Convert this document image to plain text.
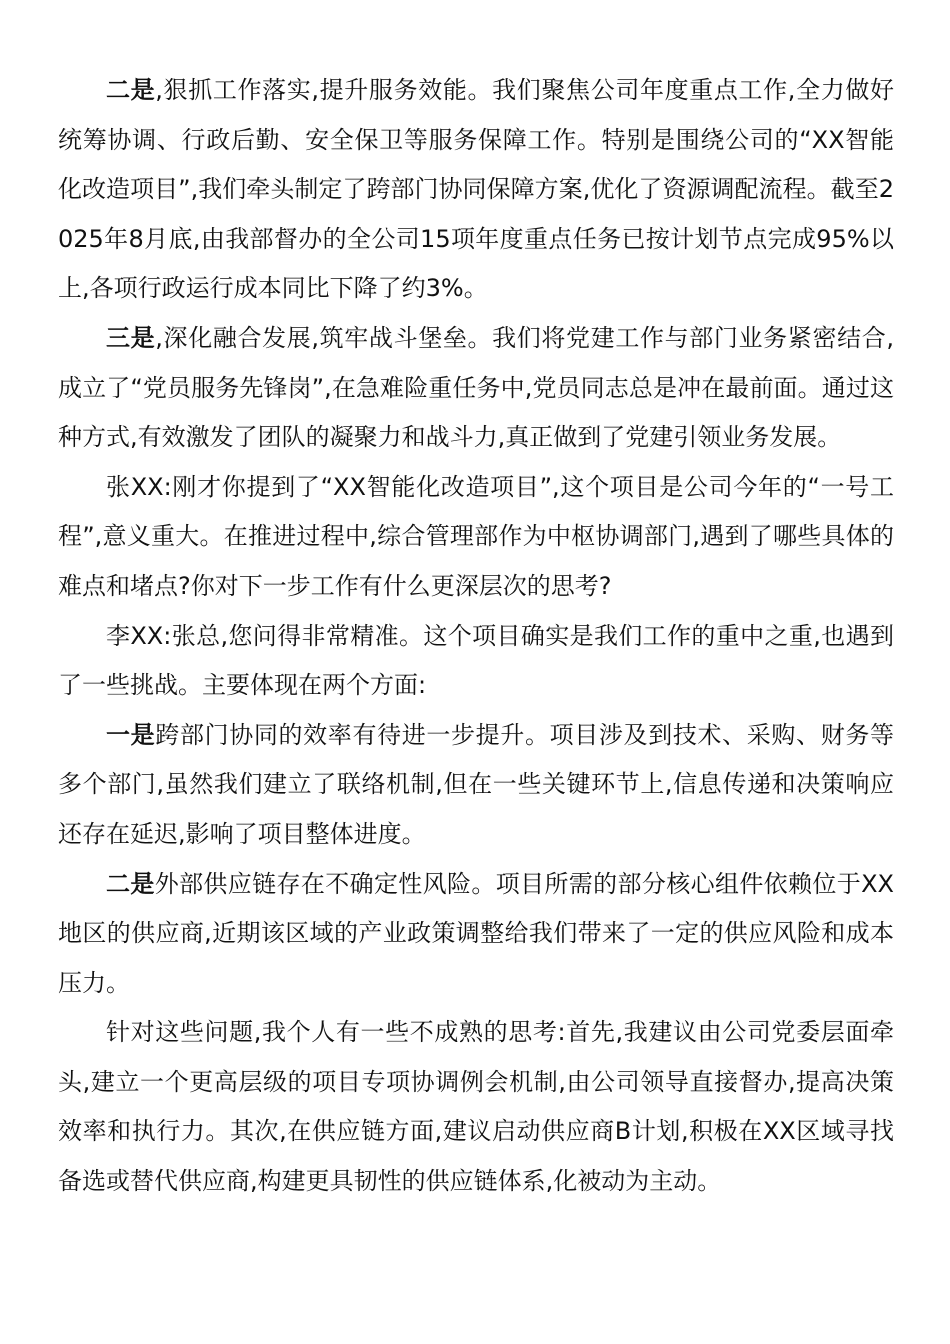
二是,狠抓工作落实,提升服务效能。我们聚焦公司年度重点工作,全力做好统筹协调、行政后勤、安全保卫等服务保障工作。特别是围绕公司的“XX智能化改造项目”,我们牵头制定了跨部门协同保障方案,优化了资源调配流程。截至2025年8月底,由我部督办的全公司15项年度重点任务已按计划节点完成95%以上,各项行政运行成本同比下降了约3%。

三是,深化融合发展,筑牢战斗堡垒。我们将党建工作与部门业务紧密结合,成立了“党员服务先锋岗”,在急难险重任务中,党员同志总是冲在最前面。通过这种方式,有效激发了团队的凝聚力和战斗力,真正做到了党建引领业务发展。

张XX:刚才你提到了“XX智能化改造项目”,这个项目是公司今年的“一号工程”,意义重大。在推进过程中,综合管理部作为中枢协调部门,遇到了哪些具体的难点和堵点?你对下一步工作有什么更深层次的思考?

李XX:张总,您问得非常精准。这个项目确实是我们工作的重中之重,也遇到了一些挑战。主要体现在两个方面:

一是跨部门协同的效率有待进一步提升。项目涉及到技术、采购、财务等多个部门,虽然我们建立了联络机制,但在一些关键环节上,信息传递和决策响应还存在延迟,影响了项目整体进度。

二是外部供应链存在不确定性风险。项目所需的部分核心组件依赖位于XX地区的供应商,近期该区域的产业政策调整给我们带来了一定的供应风险和成本压力。

针对这些问题,我个人有一些不成熟的思考:首先,我建议由公司党委层面牵头,建立一个更高层级的项目专项协调例会机制,由公司领导直接督办,提高决策效率和执行力。其次,在供应链方面,建议启动供应商B计划,积极在XX区域寻找备选或替代供应商,构建更具韧性的供应链体系,化被动为主动。
